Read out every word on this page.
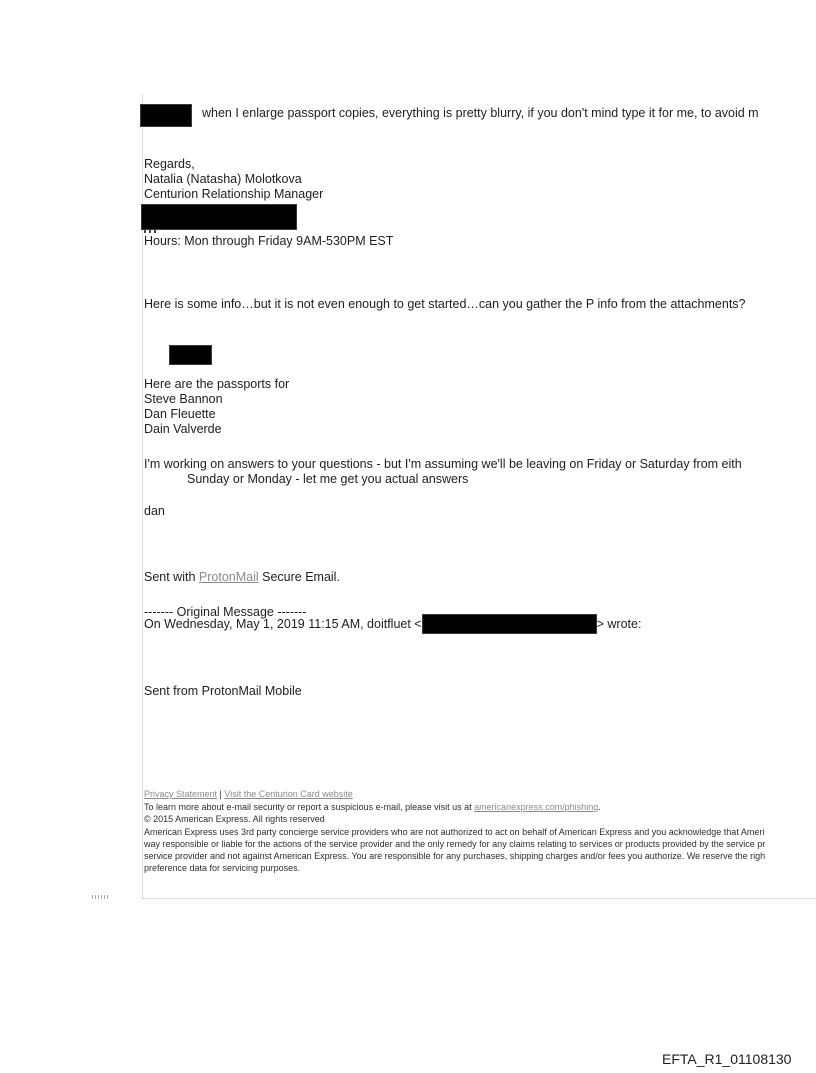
when I enlarge passport copies, everything is pretty blurry, if you don't mind type it for me, to avoid m
Regards,
Natalia (Natasha) Molotkova
Centurion Relationship Manager
Hours: Mon through Friday 9AM-530PM EST
Here is some info…but it is not even enough to get started…can you gather the P info from the attachments?
Here are the passports for
Steve Bannon
Dan Fleuette
Dain Valverde
I'm working on answers to your questions - but I'm assuming we'll be leaving on Friday or Saturday from eith
Sunday or Monday - let me get you actual answers
dan
Sent with ProtonMail Secure Email.
------- Original Message -------
On Wednesday, May 1, 2019 11:15 AM, doitfluet <	> wrote:
Sent from ProtonMail Mobile
Privacy Statement | Visit the Centurion Card website
To learn more about e-mail security or report a suspicious e-mail, please visit us at americanexpress.com/phishing.
© 2015 American Express. All rights reserved
American Express uses 3rd party concierge service providers who are not authorized to act on behalf of American Express and you acknowledge that Ameri
way responsible or liable for the actions of the service provider and the only remedy for any claims relating to services or products provided by the service pr
service provider and not against American Express. You are responsible for any purchases, shipping charges and/or fees you authorize. We reserve the righ
preference data for servicing purposes.
EFTA_R1_01108130
